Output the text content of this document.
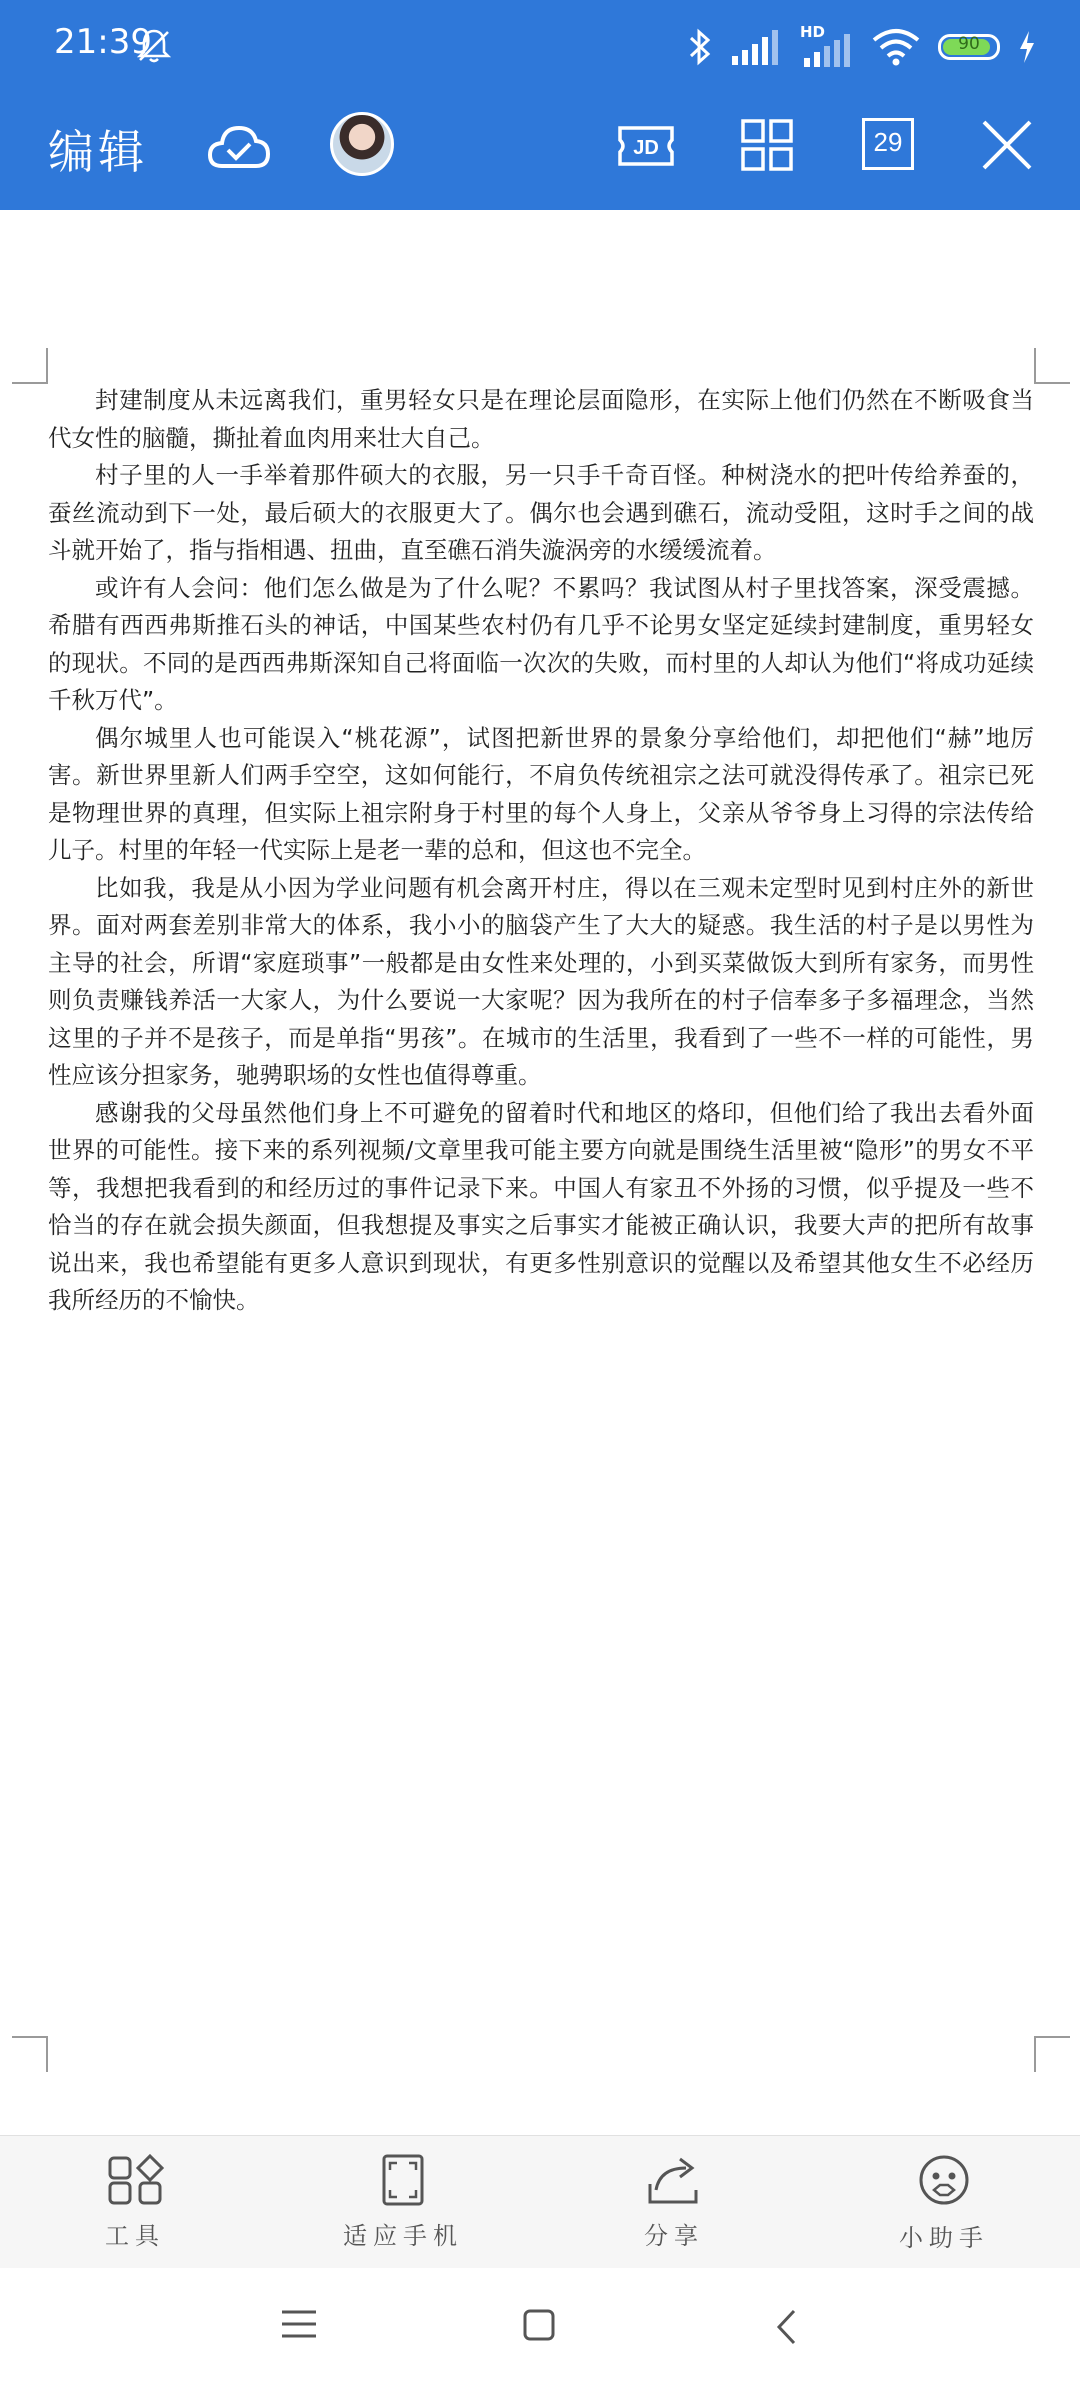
21:39	HD
90
编辑	JD	29

封建制度从未远离我们，重男轻女只是在理论层面隐形，在实际上他们仍然在不断吸食当代女性的脑髓，撕扯着血肉用来壮大自己。

村子里的人一手举着那件硕大的衣服，另一只手千奇百怪。种树浇水的把叶传给养蚕的，蚕丝流动到下一处，最后硕大的衣服更大了。偶尔也会遇到礁石，流动受阻，这时手之间的战斗就开始了，指与指相遇、扭曲，直至礁石消失漩涡旁的水缓缓流着。

或许有人会问：他们怎么做是为了什么呢？不累吗？我试图从村子里找答案，深受震撼。希腊有西西弗斯推石头的神话，中国某些农村仍有几乎不论男女坚定延续封建制度，重男轻女的现状。不同的是西西弗斯深知自己将面临一次次的失败，而村里的人却认为他们“将成功延续千秋万代”。

偶尔城里人也可能误入“桃花源”，试图把新世界的景象分享给他们，却把他们“赫”地厉害。新世界里新人们两手空空，这如何能行，不肩负传统祖宗之法可就没得传承了。祖宗已死是物理世界的真理，但实际上祖宗附身于村里的每个人身上，父亲从爷爷身上习得的宗法传给儿子。村里的年轻一代实际上是老一辈的总和，但这也不完全。

比如我，我是从小因为学业问题有机会离开村庄，得以在三观未定型时见到村庄外的新世界。面对两套差别非常大的体系，我小小的脑袋产生了大大的疑惑。我生活的村子是以男性为主导的社会，所谓“家庭琐事”一般都是由女性来处理的，小到买菜做饭大到所有家务，而男性则负责赚钱养活一大家人，为什么要说一大家呢？因为我所在的村子信奉多子多福理念，当然这里的子并不是孩子，而是单指“男孩”。在城市的生活里，我看到了一些不一样的可能性，男性应该分担家务，驰骋职场的女性也值得尊重。

感谢我的父母虽然他们身上不可避免的留着时代和地区的烙印，但他们给了我出去看外面世界的可能性。接下来的系列视频/文章里我可能主要方向就是围绕生活里被“隐形”的男女不平等，我想把我看到的和经历过的事件记录下来。中国人有家丑不外扬的习惯，似乎提及一些不恰当的存在就会损失颜面，但我想提及事实之后事实才能被正确认识，我要大声的把所有故事说出来，我也希望能有更多人意识到现状，有更多性别意识的觉醒以及希望其他女生不必经历我所经历的不愉快。

工具	适应手机	分享	小助手
